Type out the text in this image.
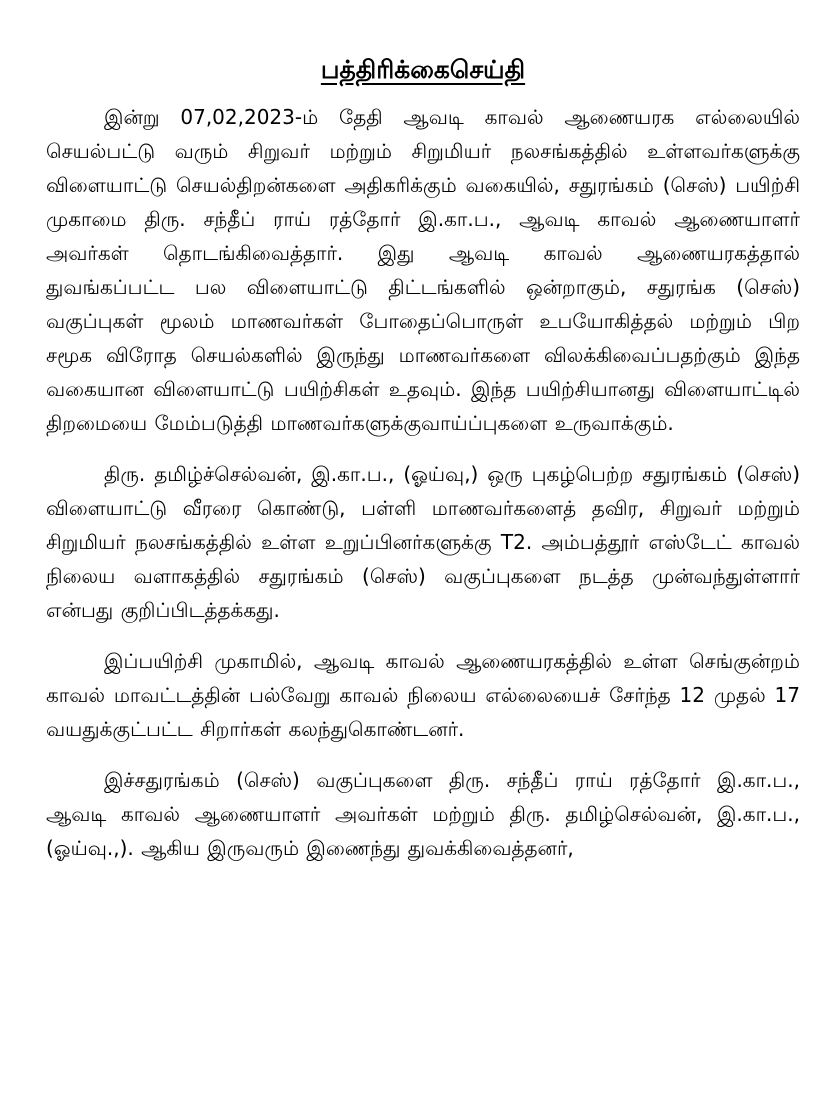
பத்திரிக்கைசெய்தி

இன்று 07,02,2023-ம் தேதி ஆவடி காவல் ஆணையரக எல்லையில் செயல்பட்டு வரும் சிறுவர் மற்றும் சிறுமியர் நலசங்கத்தில் உள்ளவர்களுக்கு விளையாட்டு செயல்திறன்களை அதிகரிக்கும் வகையில், சதுரங்கம் (செஸ்) பயிற்சி முகாமை திரு. சந்தீப் ராய் ரத்தோர் இ.கா.ப., ஆவடி காவல் ஆணையாளர் அவர்கள் தொடங்கிவைத்தார். இது ஆவடி காவல் ஆணையரகத்தால் துவங்கப்பட்ட பல விளையாட்டு திட்டங்களில் ஒன்றாகும், சதுரங்க (செஸ்) வகுப்புகள் மூலம் மாணவர்கள் போதைப்பொருள் உபயோகித்தல் மற்றும் பிற சமூக விரோத செயல்களில் இருந்து மாணவர்களை விலக்கிவைப்பதற்கும் இந்த வகையான விளையாட்டு பயிற்சிகள் உதவும். இந்த பயிற்சியானது விளையாட்டில் திறமையை மேம்படுத்தி மாணவர்களுக்குவாய்ப்புகளை உருவாக்கும்.

திரு. தமிழ்ச்செல்வன், இ.கா.ப., (ஓய்வு,) ஒரு புகழ்பெற்ற சதுரங்கம் (செஸ்) விளையாட்டு வீரரை கொண்டு, பள்ளி மாணவர்களைத் தவிர, சிறுவர் மற்றும் சிறுமியர் நலசங்கத்தில் உள்ள உறுப்பினர்களுக்கு T2. அம்பத்தூர் எஸ்டேட் காவல் நிலைய வளாகத்தில் சதுரங்கம் (செஸ்) வகுப்புகளை நடத்த முன்வந்துள்ளார் என்பது குறிப்பிடத்தக்கது.

இப்பயிற்சி முகாமில், ஆவடி காவல் ஆணையரகத்தில் உள்ள செங்குன்றம் காவல் மாவட்டத்தின் பல்வேறு காவல் நிலைய எல்லையைச் சேர்ந்த 12 முதல் 17 வயதுக்குட்பட்ட சிறார்கள் கலந்துகொண்டனர்.

இச்சதுரங்கம் (செஸ்) வகுப்புகளை திரு. சந்தீப் ராய் ரத்தோர் இ.கா.ப., ஆவடி காவல் ஆணையாளர் அவர்கள் மற்றும் திரு. தமிழ்செல்வன், இ.கா.ப., (ஓய்வு.,). ஆகிய இருவரும் இணைந்து துவக்கிவைத்தனர்,
